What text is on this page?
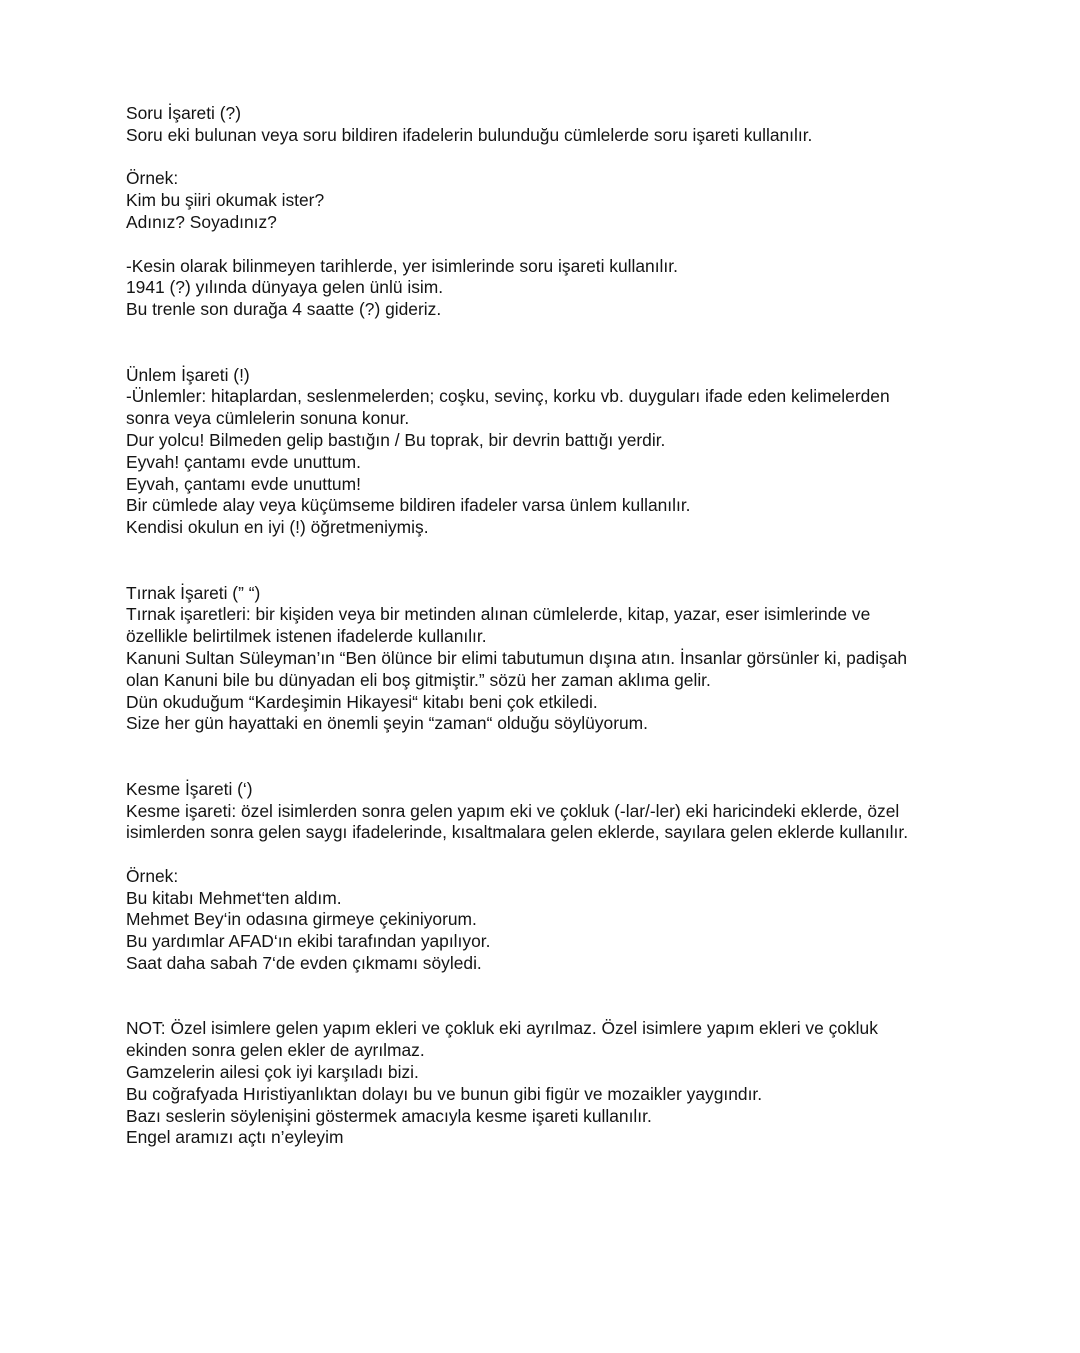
Soru İşareti (?)

Soru eki bulunan veya soru bildiren ifadelerin bulunduğu cümlelerde soru işareti kullanılır.

Örnek:

Kim bu şiiri okumak ister?

Adınız? Soyadınız?

-Kesin olarak bilinmeyen tarihlerde, yer isimlerinde soru işareti kullanılır.

1941 (?) yılında dünyaya gelen ünlü isim.

Bu trenle son durağa 4 saatte (?) gideriz.

Ünlem İşareti (!)

-Ünlemler: hitaplardan, seslenmelerden; coşku, sevinç, korku vb. duyguları ifade eden kelimelerden

sonra veya cümlelerin sonuna konur.

Dur yolcu! Bilmeden gelip bastığın / Bu toprak, bir devrin battığı yerdir.

Eyvah! çantamı evde unuttum.

Eyvah, çantamı evde unuttum!

Bir cümlede alay veya küçümseme bildiren ifadeler varsa ünlem kullanılır.

Kendisi okulun en iyi (!) öğretmeniymiş.

Tırnak İşareti (” “)

Tırnak işaretleri: bir kişiden veya bir metinden alınan cümlelerde, kitap, yazar, eser isimlerinde ve

özellikle belirtilmek istenen ifadelerde kullanılır.

Kanuni Sultan Süleyman’ın “Ben ölünce bir elimi tabutumun dışına atın. İnsanlar görsünler ki, padişah

olan Kanuni bile bu dünyadan eli boş gitmiştir.” sözü her zaman aklıma gelir.

Dün okuduğum “Kardeşimin Hikayesi“ kitabı beni çok etkiledi.

Size her gün hayattaki en önemli şeyin “zaman“ olduğu söylüyorum.

Kesme İşareti (‘)

Kesme işareti: özel isimlerden sonra gelen yapım eki ve çokluk (-lar/-ler) eki haricindeki eklerde, özel

isimlerden sonra gelen saygı ifadelerinde, kısaltmalara gelen eklerde, sayılara gelen eklerde kullanılır.

Örnek:

Bu kitabı Mehmet‘ten aldım.

Mehmet Bey‘in odasına girmeye çekiniyorum.

Bu yardımlar AFAD‘ın ekibi tarafından yapılıyor.

Saat daha sabah 7‘de evden çıkmamı söyledi.

NOT: Özel isimlere gelen yapım ekleri ve çokluk eki ayrılmaz. Özel isimlere yapım ekleri ve çokluk

ekinden sonra gelen ekler de ayrılmaz.

Gamzelerin ailesi çok iyi karşıladı bizi.

Bu coğrafyada Hıristiyanlıktan dolayı bu ve bunun gibi figür ve mozaikler yaygındır.

Bazı seslerin söylenişini göstermek amacıyla kesme işareti kullanılır.

Engel aramızı açtı n’eyleyim
